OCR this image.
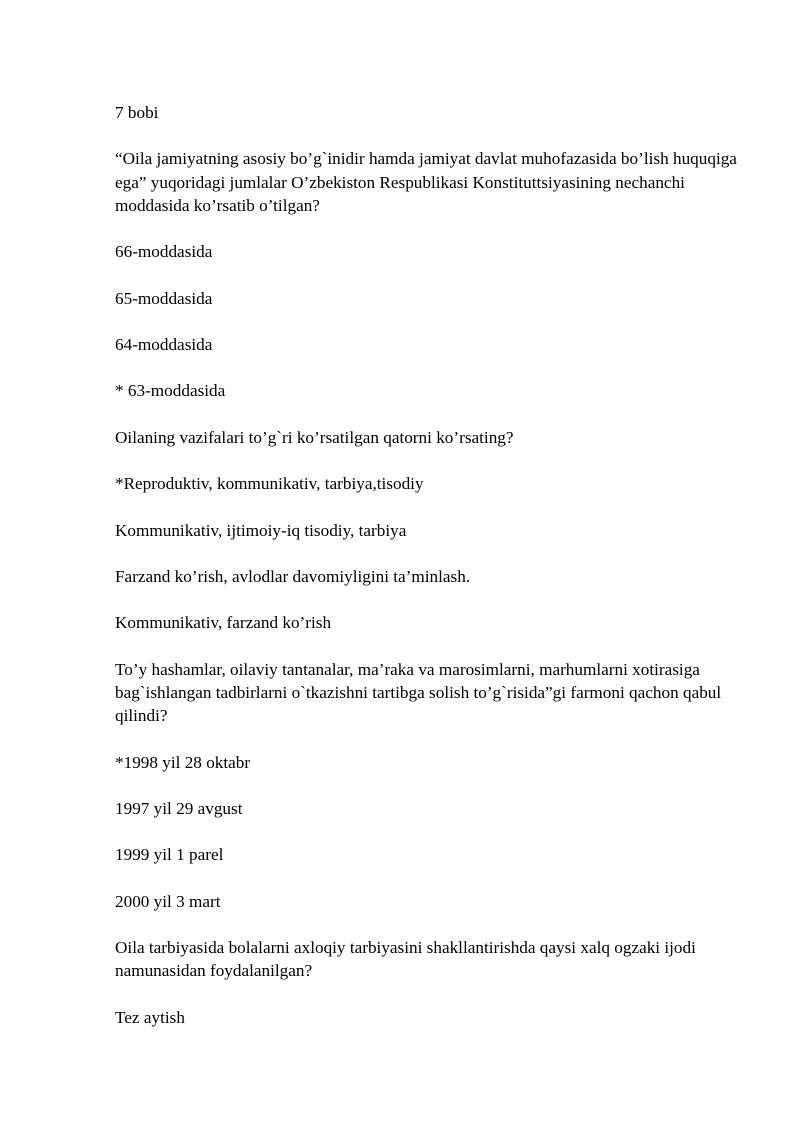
7 bobi

“Oila jamiyatning asosiy bo’g`inidir hamda jamiyat davlat muhofazasida bo’lish huquqiga ega” yuqoridagi jumlalar O’zbekiston Respublikasi Konstituttsiyasining nechanchi moddasida ko’rsatib o’tilgan?

66-moddasida

65-moddasida

64-moddasida

* 63-moddasida

Oilaning vazifalari to’g`ri ko’rsatilgan qatorni ko’rsating?

*Reproduktiv, kommunikativ, tarbiya,tisodiy

Kommunikativ, ijtimoiy-iq tisodiy, tarbiya

Farzand ko’rish, avlodlar davomiyligini ta’minlash.

Kommunikativ, farzand ko’rish

To’y hashamlar, oilaviy tantanalar, ma’raka va marosimlarni, marhumlarni xotirasiga bag`ishlangan tadbirlarni o`tkazishni tartibga solish to’g`risida”gi farmoni qachon qabul qilindi?

*1998 yil 28 oktabr

1997 yil 29 avgust

1999 yil 1 parel

2000 yil 3 mart

Oila tarbiyasida bolalarni axloqiy tarbiyasini shakllantirishda qaysi xalq ogzaki ijodi namunasidan foydalanilgan?

Tez aytish
